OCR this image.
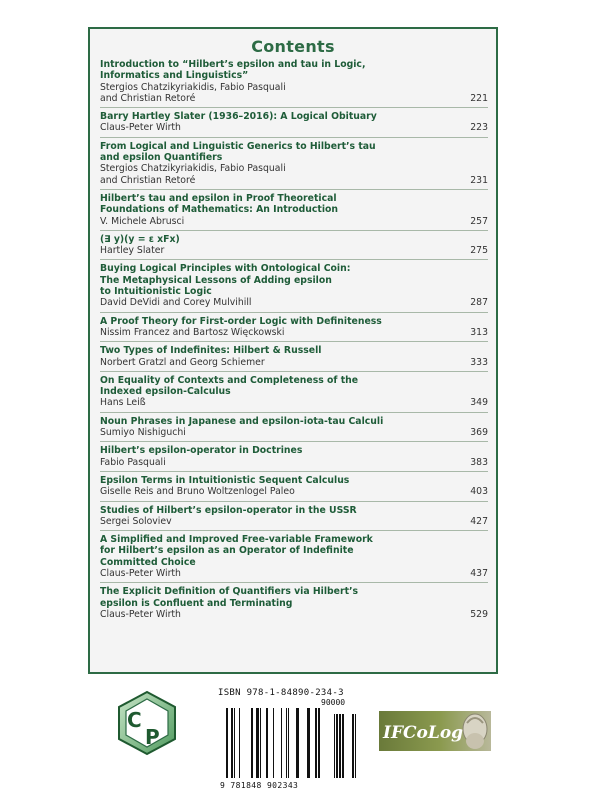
Contents
Introduction to “Hilbert’s epsilon and tau in Logic,
Informatics and Linguistics”
Stergios Chatzikyriakidis, Fabio Pasquali
and Christian Retoré	221
Barry Hartley Slater (1936–2016): A Logical Obituary
Claus-Peter Wirth	223
From Logical and Linguistic Generics to Hilbert’s tau
and epsilon Quantifiers
Stergios Chatzikyriakidis, Fabio Pasquali
and Christian Retoré	231
Hilbert’s tau and epsilon in Proof Theoretical
Foundations of Mathematics: An Introduction
V. Michele Abrusci	257
(∃ y)(y = ε xFx)
Hartley Slater	275
Buying Logical Principles with Ontological Coin:
The Metaphysical Lessons of Adding epsilon
to Intuitionistic Logic
David DeVidi and Corey Mulvihill	287
A Proof Theory for First-order Logic with Definiteness
Nissim Francez and Bartosz Więckowski	313
Two Types of Indefinites: Hilbert & Russell
Norbert Gratzl and Georg Schiemer	333
On Equality of Contexts and Completeness of the
Indexed epsilon-Calculus
Hans Leiß	349
Noun Phrases in Japanese and epsilon-iota-tau Calculi
Sumiyo Nishiguchi	369
Hilbert’s epsilon-operator in Doctrines
Fabio Pasquali	383
Epsilon Terms in Intuitionistic Sequent Calculus
Giselle Reis and Bruno Woltzenlogel Paleo	403
Studies of Hilbert’s epsilon-operator in the USSR
Sergei Soloviev	427
A Simplified and Improved Free-variable Framework
for Hilbert’s epsilon as an Operator of Indefinite
Committed Choice
Claus-Peter Wirth	437
The Explicit Definition of Quantifiers via Hilbert’s
epsilon is Confluent and Terminating
Claus-Peter Wirth	529
C
P
ISBN 978-1-84890-234-3
90000
9 781848 902343
IFCoLog
